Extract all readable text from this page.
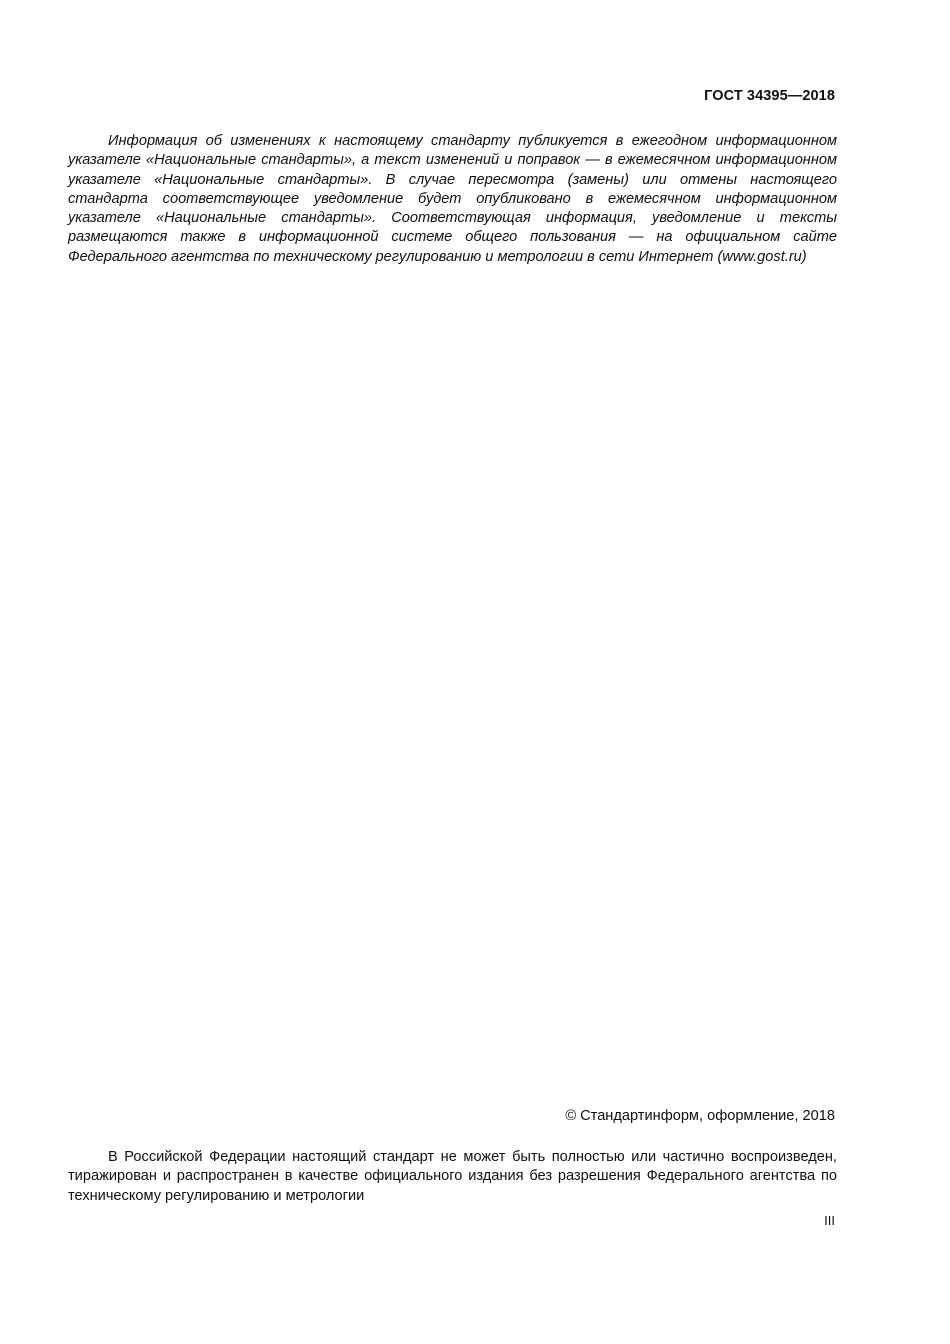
ГОСТ 34395—2018

Информация об изменениях к настоящему стандарту публикуется в ежегодном информационном указателе «Национальные стандарты», а текст изменений и поправок — в ежемесячном информационном указателе «Национальные стандарты». В случае пересмотра (замены) или отмены настоящего стандарта соответствующее уведомление будет опубликовано в ежемесячном информационном указателе «Национальные стандарты». Соответствующая информация, уведомление и тексты размещаются также в информационной системе общего пользования — на официальном сайте Федерального агентства по техническому регулированию и метрологии в сети Интернет (www.gost.ru)

© Стандартинформ, оформление, 2018

В Российской Федерации настоящий стандарт не может быть полностью или частично воспроизведен, тиражирован и распространен в качестве официального издания без разрешения Федерального агентства по техническому регулированию и метрологии

III
